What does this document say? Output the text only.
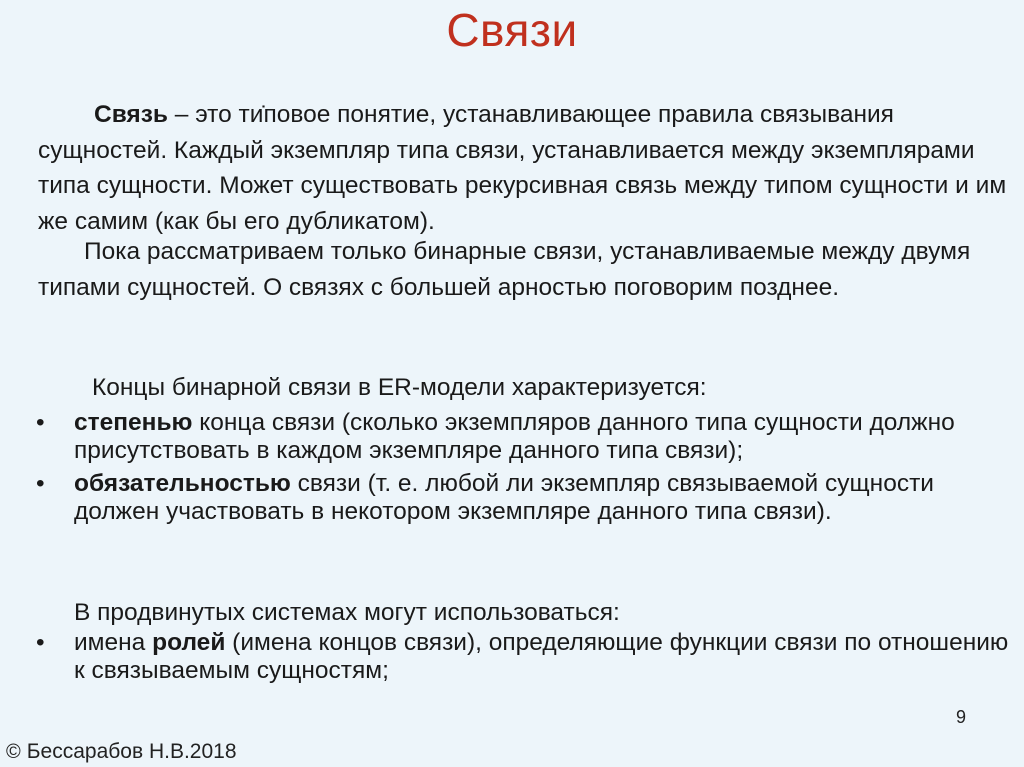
Связи

Связь – это ти̇повое понятие, устанавливающее правила связывания сущностей. Каждый экземпляр типа связи, устанавливается между экземплярами типа сущности. Может существовать рекурсивная связь между типом сущности и им же самим (как бы его дубликатом).

Пока рассматриваем только бинарные связи, устанавливаемые между двумя типами сущностей. О связях с большей арностью поговорим позднее.

Концы бинарной связи в ER-модели характеризуется:

•	степенью конца связи (сколько экземпляров данного типа сущности должно присутствовать в каждом экземпляре данного типа связи);
•	обязательностью связи (т. е. любой ли экземпляр связываемой сущности должен участвовать в некотором экземпляре данного типа связи).

В продвинутых системах могут использоваться:

•	имена ролей (имена концов связи), определяющие функции связи по отношению к связываемым сущностям;
9
© Бессарабов Н.В.2018
